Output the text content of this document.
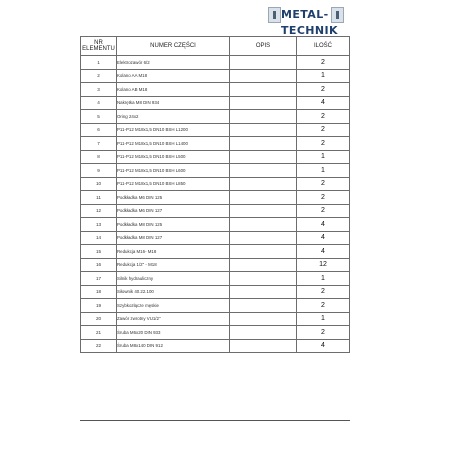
METAL-TECHNIK
NR ELEMENTU	NUMER CZĘŚCI	OPIS	ILOŚĆ
1	Elektrozawór 6/2		2
2	Kolano AA M18		1
3	Kolano AB M18		2
4	Nakrętka M8 DIN 934		4
5	Oring 24x2		2
6	P11-P12 M18x1,5 DN10 BSH L1200		2
7	P11-P12 M18x1,5 DN10 BSH L1400		2
8	P11-P12 M18x1,5 DN10 BSH L500		1
9	P11-P12 M18x1,5 DN10 BSH L600		1
10	P11-P12 M18x1,5 DN10 BSH L850		2
11	Podkładka M6 DIN 125		2
12	Podkładka M6 DIN 127		2
13	Podkładka M8 DIN 125		4
14	Podkładka M8 DIN 127		4
15	Redukcja M16- M18		4
16	Redukcja 1/2" - M18		12
17	Silnik hydrauliczny		1
18	Siłownik 40.22.100		2
19	Szybkozłącze męskie		2
20	Zawór zwrotny VU1/2"		1
21	Śruba M6x20 DIN 933		2
22	Śruba M8x140 DIN 912		4
